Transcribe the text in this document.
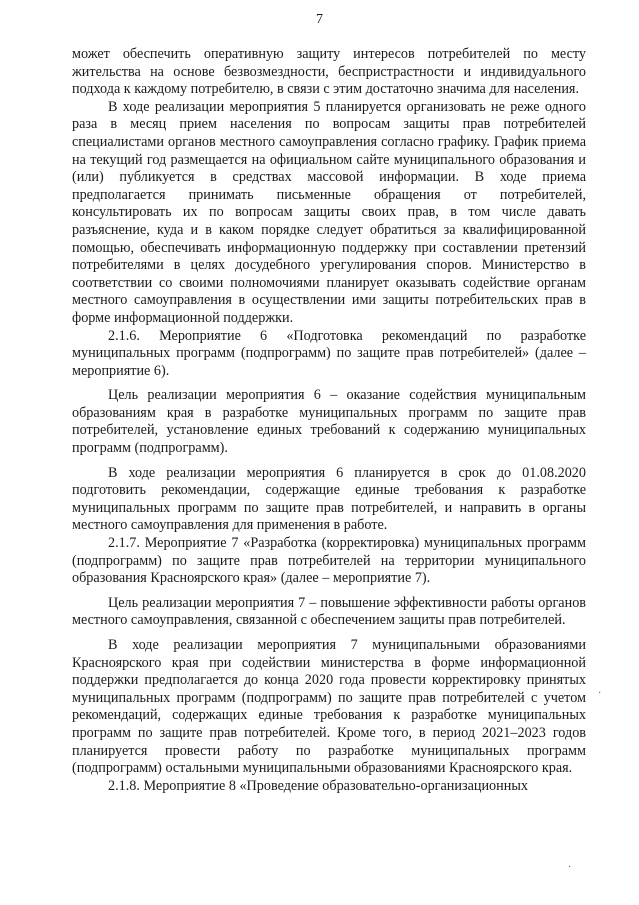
7

может обеспечить оперативную защиту интересов потребителей по месту жительства на основе безвозмездности, беспристрастности и индивидуального подхода к каждому потребителю, в связи с этим достаточно значима для населения.

В ходе реализации мероприятия 5 планируется организовать не реже одного раза в месяц прием населения по вопросам защиты прав потребителей специалистами органов местного самоуправления согласно графику. График приема на текущий год размещается на официальном сайте муниципального образования и (или) публикуется в средствах массовой информации. В ходе приема предполагается принимать письменные обращения от потребителей, консультировать их по вопросам защиты своих прав, в том числе давать разъяснение, куда и в каком порядке следует обратиться за квалифицированной помощью, обеспечивать информационную поддержку при составлении претензий потребителями в целях досудебного урегулирования споров. Министерство в соответствии со своими полномочиями планирует оказывать содействие органам местного самоуправления в осуществлении ими защиты потребительских прав в форме информационной поддержки.

2.1.6. Мероприятие 6 «Подготовка рекомендаций по разработке муниципальных программ (подпрограмм) по защите прав потребителей» (далее – мероприятие 6).

Цель реализации мероприятия 6 – оказание содействия муниципальным образованиям края в разработке муниципальных программ по защите прав потребителей, установление единых требований к содержанию муниципальных программ (подпрограмм).

В ходе реализации мероприятия 6 планируется в срок до 01.08.2020 подготовить рекомендации, содержащие единые требования к разработке муниципальных программ по защите прав потребителей, и направить в органы местного самоуправления для применения в работе.

2.1.7. Мероприятие 7 «Разработка (корректировка) муниципальных программ (подпрограмм) по защите прав потребителей на территории муниципального образования Красноярского края» (далее – мероприятие 7).

Цель реализации мероприятия 7 – повышение эффективности работы органов местного самоуправления, связанной с обеспечением защиты прав потребителей.

В ходе реализации мероприятия 7 муниципальными образованиями Красноярского края при содействии министерства в форме информационной поддержки предполагается до конца 2020 года провести корректировку принятых муниципальных программ (подпрограмм) по защите прав потребителей с учетом рекомендаций, содержащих единые требования к разработке муниципальных программ по защите прав потребителей. Кроме того, в период 2021–2023 годов планируется провести работу по разработке муниципальных программ (подпрограмм) остальными муниципальными образованиями Красноярского края.

2.1.8. Мероприятие 8 «Проведение образовательно-организационных

·
·
